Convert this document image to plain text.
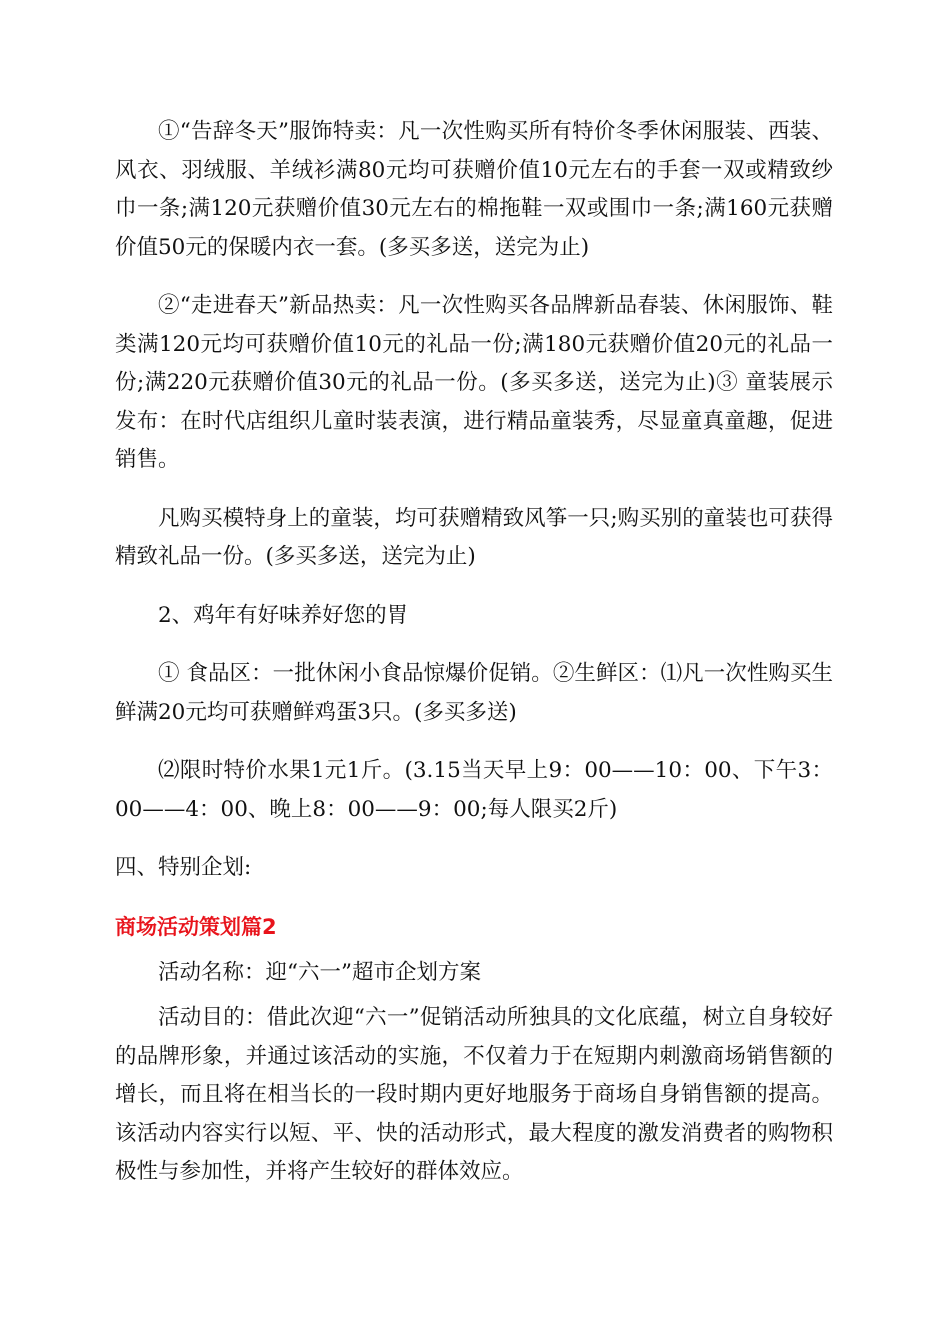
①“告辞冬天”服饰特卖：凡一次性购买所有特价冬季休闲服装、西装、风衣、羽绒服、羊绒衫满80元均可获赠价值10元左右的手套一双或精致纱巾一条;满120元获赠价值30元左右的棉拖鞋一双或围巾一条;满160元获赠价值50元的保暖内衣一套。(多买多送，送完为止)

②“走进春天”新品热卖：凡一次性购买各品牌新品春装、休闲服饰、鞋类满120元均可获赠价值10元的礼品一份;满180元获赠价值20元的礼品一份;满220元获赠价值30元的礼品一份。(多买多送，送完为止)③ 童装展示发布：在时代店组织儿童时装表演，进行精品童装秀，尽显童真童趣，促进销售。

凡购买模特身上的童装，均可获赠精致风筝一只;购买别的童装也可获得精致礼品一份。(多买多送，送完为止)

2、鸡年有好味养好您的胃

① 食品区：一批休闲小食品惊爆价促销。②生鲜区：⑴凡一次性购买生鲜满20元均可获赠鲜鸡蛋3只。(多买多送)

⑵限时特价水果1元1斤。(3.15当天早上9：00——10：00、下午3：00——4：00、晚上8：00——9：00;每人限买2斤)

四、特别企划:

商场活动策划篇2

活动名称：迎“六一”超市企划方案

活动目的：借此次迎“六一”促销活动所独具的文化底蕴，树立自身较好的品牌形象，并通过该活动的实施，不仅着力于在短期内刺激商场销售额的增长，而且将在相当长的一段时期内更好地服务于商场自身销售额的提高。该活动内容实行以短、平、快的活动形式，最大程度的激发消费者的购物积极性与参加性，并将产生较好的群体效应。
